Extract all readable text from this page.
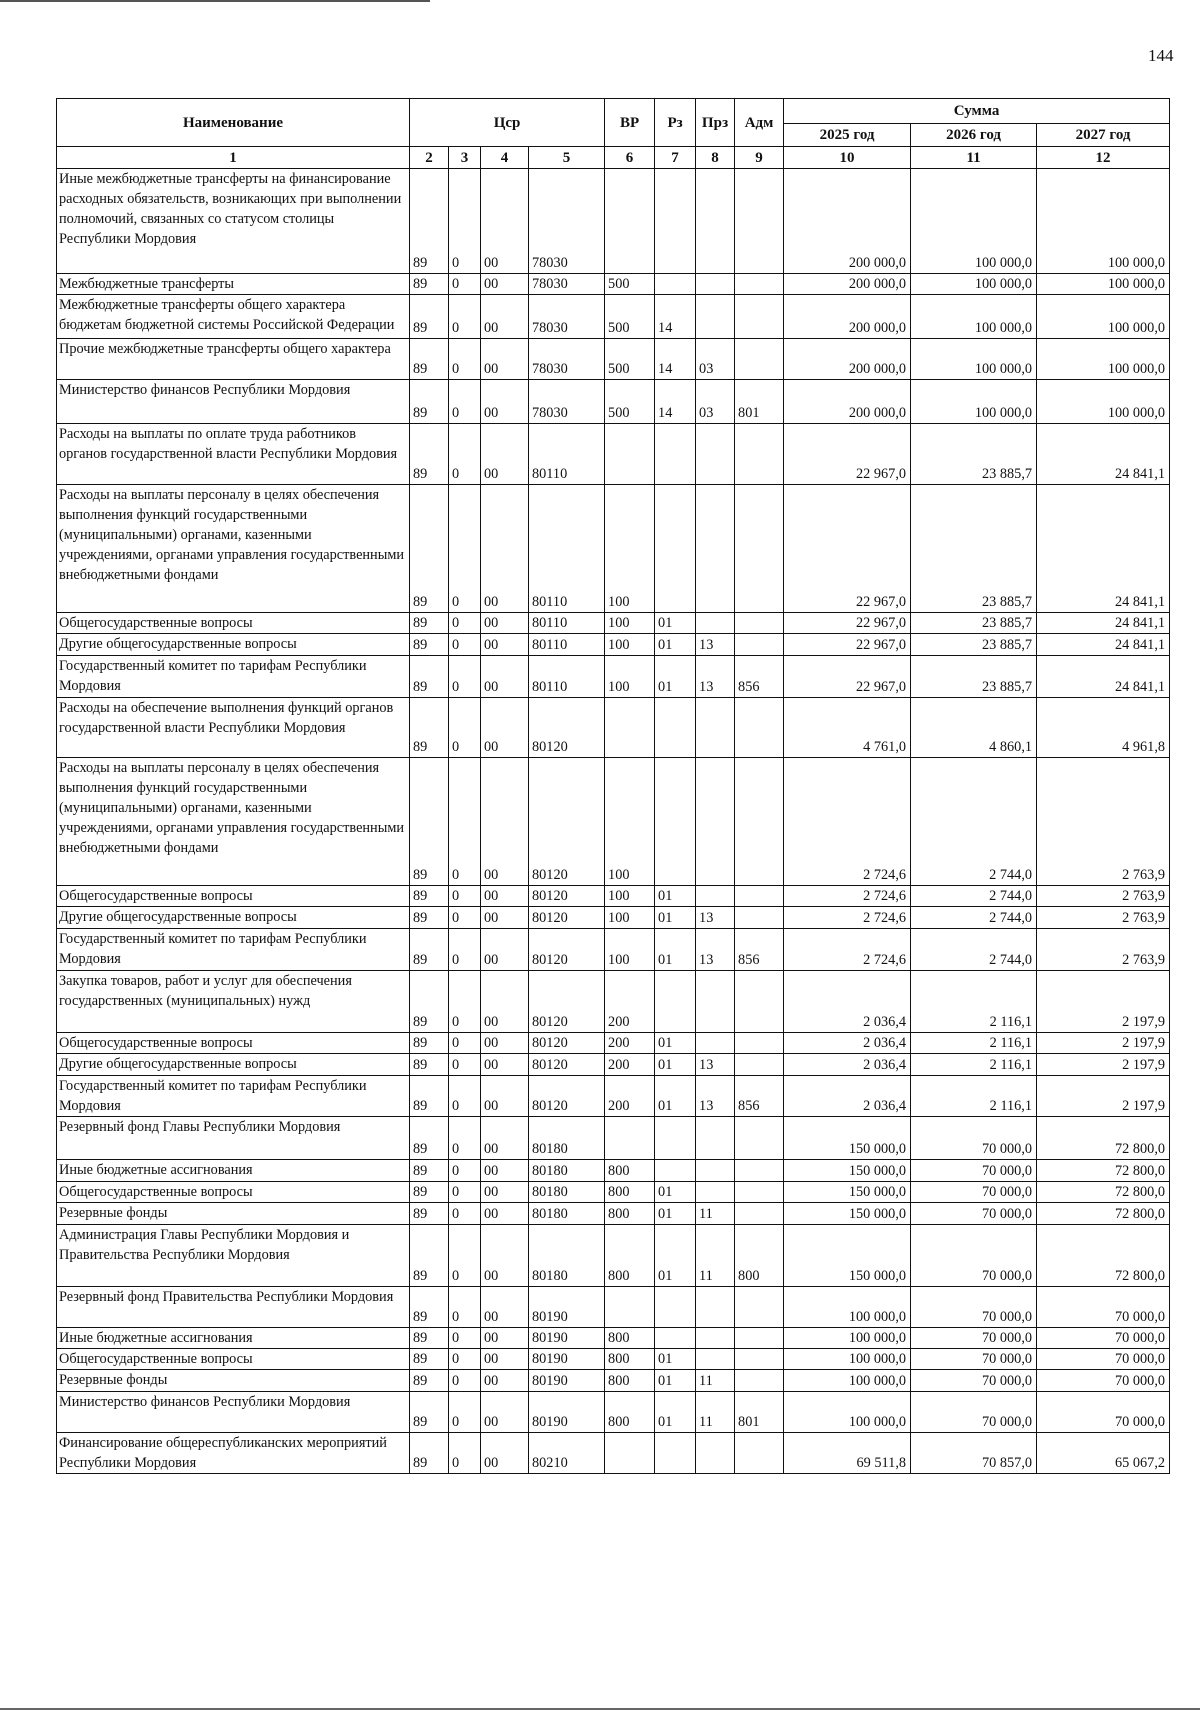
144
Наименование	Цср				ВР	Рз	Прз	Адм	Сумма		
									2025 год	2026 год	2027 год
1	2	3	4	5	6	7	8	9	10	11	12
Иные межбюджетные трансферты на финансирование расходных обязательств, возникающих при выполнении полномочий, связанных со статусом столицы Республики Мордовия	89	0	00	78030					200 000,0	100 000,0	100 000,0
Межбюджетные трансферты	89	0	00	78030	500				200 000,0	100 000,0	100 000,0
Межбюджетные трансферты общего характера бюджетам бюджетной системы Российской Федерации	89	0	00	78030	500	14			200 000,0	100 000,0	100 000,0
Прочие межбюджетные трансферты общего характера	89	0	00	78030	500	14	03		200 000,0	100 000,0	100 000,0
Министерство финансов Республики Мордовия	89	0	00	78030	500	14	03	801	200 000,0	100 000,0	100 000,0
Расходы на выплаты по оплате труда работников органов государственной власти Республики Мордовия	89	0	00	80110					22 967,0	23 885,7	24 841,1
Расходы на выплаты персоналу в целях обеспечения выполнения функций государственными (муниципальными) органами, казенными учреждениями, органами управления государственными внебюджетными фондами	89	0	00	80110	100				22 967,0	23 885,7	24 841,1
Общегосударственные вопросы	89	0	00	80110	100	01			22 967,0	23 885,7	24 841,1
Другие общегосударственные вопросы	89	0	00	80110	100	01	13		22 967,0	23 885,7	24 841,1
Государственный комитет по тарифам Республики Мордовия	89	0	00	80110	100	01	13	856	22 967,0	23 885,7	24 841,1
Расходы на обеспечение выполнения функций органов государственной власти Республики Мордовия	89	0	00	80120					4 761,0	4 860,1	4 961,8
Расходы на выплаты персоналу в целях обеспечения выполнения функций государственными (муниципальными) органами, казенными учреждениями, органами управления государственными внебюджетными фондами	89	0	00	80120	100				2 724,6	2 744,0	2 763,9
Общегосударственные вопросы	89	0	00	80120	100	01			2 724,6	2 744,0	2 763,9
Другие общегосударственные вопросы	89	0	00	80120	100	01	13		2 724,6	2 744,0	2 763,9
Государственный комитет по тарифам Республики Мордовия	89	0	00	80120	100	01	13	856	2 724,6	2 744,0	2 763,9
Закупка товаров, работ и услуг для обеспечения государственных (муниципальных) нужд	89	0	00	80120	200				2 036,4	2 116,1	2 197,9
Общегосударственные вопросы	89	0	00	80120	200	01			2 036,4	2 116,1	2 197,9
Другие общегосударственные вопросы	89	0	00	80120	200	01	13		2 036,4	2 116,1	2 197,9
Государственный комитет по тарифам Республики Мордовия	89	0	00	80120	200	01	13	856	2 036,4	2 116,1	2 197,9
Резервный фонд Главы Республики Мордовия	89	0	00	80180					150 000,0	70 000,0	72 800,0
Иные бюджетные ассигнования	89	0	00	80180	800				150 000,0	70 000,0	72 800,0
Общегосударственные вопросы	89	0	00	80180	800	01			150 000,0	70 000,0	72 800,0
Резервные фонды	89	0	00	80180	800	01	11		150 000,0	70 000,0	72 800,0
Администрация Главы Республики Мордовия и Правительства Республики Мордовия	89	0	00	80180	800	01	11	800	150 000,0	70 000,0	72 800,0
Резервный фонд Правительства Республики Мордовия	89	0	00	80190					100 000,0	70 000,0	70 000,0
Иные бюджетные ассигнования	89	0	00	80190	800				100 000,0	70 000,0	70 000,0
Общегосударственные вопросы	89	0	00	80190	800	01			100 000,0	70 000,0	70 000,0
Резервные фонды	89	0	00	80190	800	01	11		100 000,0	70 000,0	70 000,0
Министерство финансов Республики Мордовия	89	0	00	80190	800	01	11	801	100 000,0	70 000,0	70 000,0
Финансирование общереспубликанских мероприятий Республики Мордовия	89	0	00	80210					69 511,8	70 857,0	65 067,2
